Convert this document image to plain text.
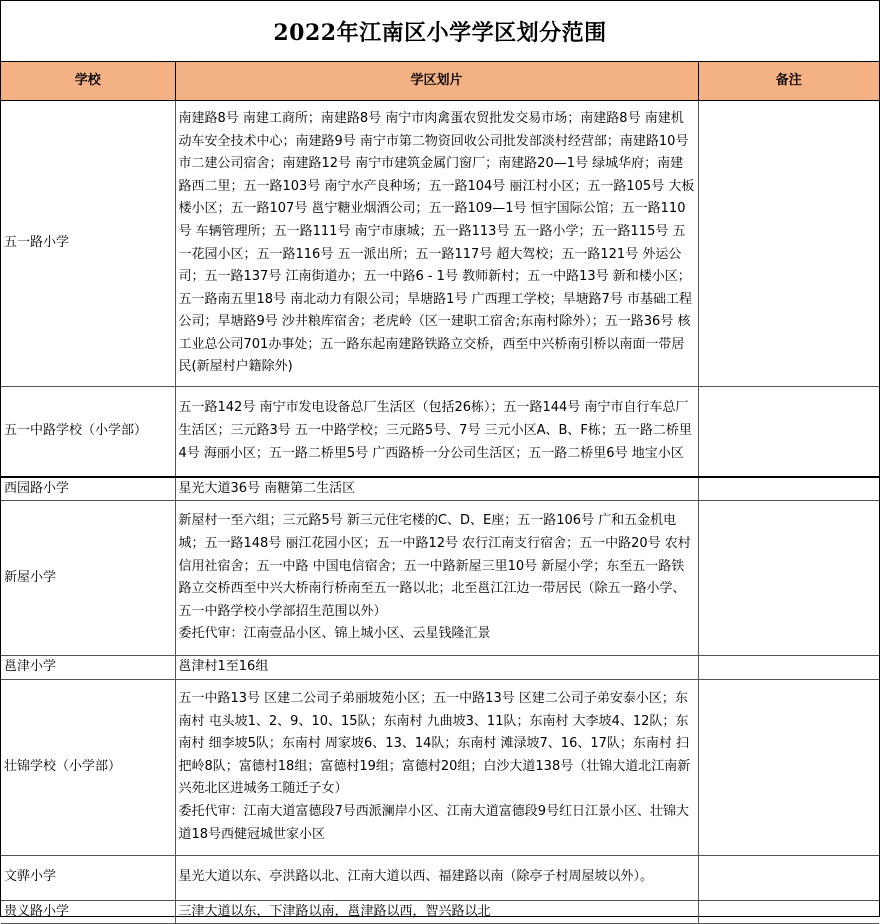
2022年江南区小学学区划分范围
学校	学区划片	备注
五一路小学	南建路8号 南建工商所；南建路8号 南宁市肉禽蛋农贸批发交易市场；南建路8号 南建机动车安全技术中心；南建路9号 南宁市第二物资回收公司批发部淡村经营部；南建路10号 市二建公司宿舍；南建路12号 南宁市建筑金属门窗厂；南建路20—1号 绿城华府；南建路西二里；五一路103号 南宁水产良种场；五一路104号 丽江村小区；五一路105号 大板楼小区；五一路107号 邕宁糖业烟酒公司；五一路109—1号 恒宇国际公馆；五一路110号 车辆管理所；五一路111号 南宁市康城；五一路113号 五一路小学；五一路115号 五一花园小区；五一路116号 五一派出所；五一路117号 超大驾校；五一路121号 外运公司；五一路137号 江南街道办；五一中路6 - 1号 教师新村；五一中路13号 新和楼小区；五一路南五里18号 南北动力有限公司；旱塘路1号 广西理工学校；旱塘路7号 市基础工程公司；旱塘路9号 沙井粮库宿舍；老虎岭（区一建职工宿舍;东南村除外）；五一路36号 核工业总公司701办事处；五一路东起南建路铁路立交桥，西至中兴桥南引桥以南面一带居民(新屋村户籍除外)	
五一中路学校（小学部）	五一路142号 南宁市发电设备总厂生活区（包括26栋）；五一路144号 南宁市自行车总厂生活区；三元路3号 五一中路学校；三元路5号、7号 三元小区A、B、F栋；五一路二桥里4号 海丽小区；五一路二桥里5号 广西路桥一分公司生活区；五一路二桥里6号 地宝小区	
西园路小学	星光大道36号 南糖第二生活区	
新屋小学	新屋村一至六组；三元路5号 新三元住宅楼的C、D、E座；五一路106号 广和五金机电城；五一路148号 丽江花园小区；五一中路12号 农行江南支行宿舍；五一中路20号 农村信用社宿舍；五一中路 中国电信宿舍；五一中路新屋三里10号 新屋小学；东至五一路铁路立交桥西至中兴大桥南行桥南至五一路以北；北至邕江江边一带居民（除五一路小学、五一中路学校小学部招生范围以外）
委托代审：江南壹品小区、锦上城小区、云星钱隆汇景	

邕津小学	邕津村1至16组	
壮锦学校（小学部）	五一中路13号 区建二公司子弟丽坡苑小区；五一中路13号 区建二公司子弟安泰小区；东南村 屯头坡1、2、9、10、15队；东南村 九曲坡3、11队；东南村 大李坡4、12队；东南村 细李坡5队；东南村 周家坡6、13、14队；东南村 滩渌坡7、16、17队；东南村 扫把岭8队；富德村18组；富德村19组；富德村20组；白沙大道138号（壮锦大道北江南新兴苑北区进城务工随迁子女）
委托代审：江南大道富德段7号西派澜岸小区、江南大道富德段9号红日江景小区、壮锦大道18号西健冠城世家小区	

文骅小学	星光大道以东、亭洪路以北、江南大道以西、福建路以南（除亭子村周屋坡以外）。	
贵义路小学	三津大道以东，下津路以南，邕津路以西，智兴路以北	
